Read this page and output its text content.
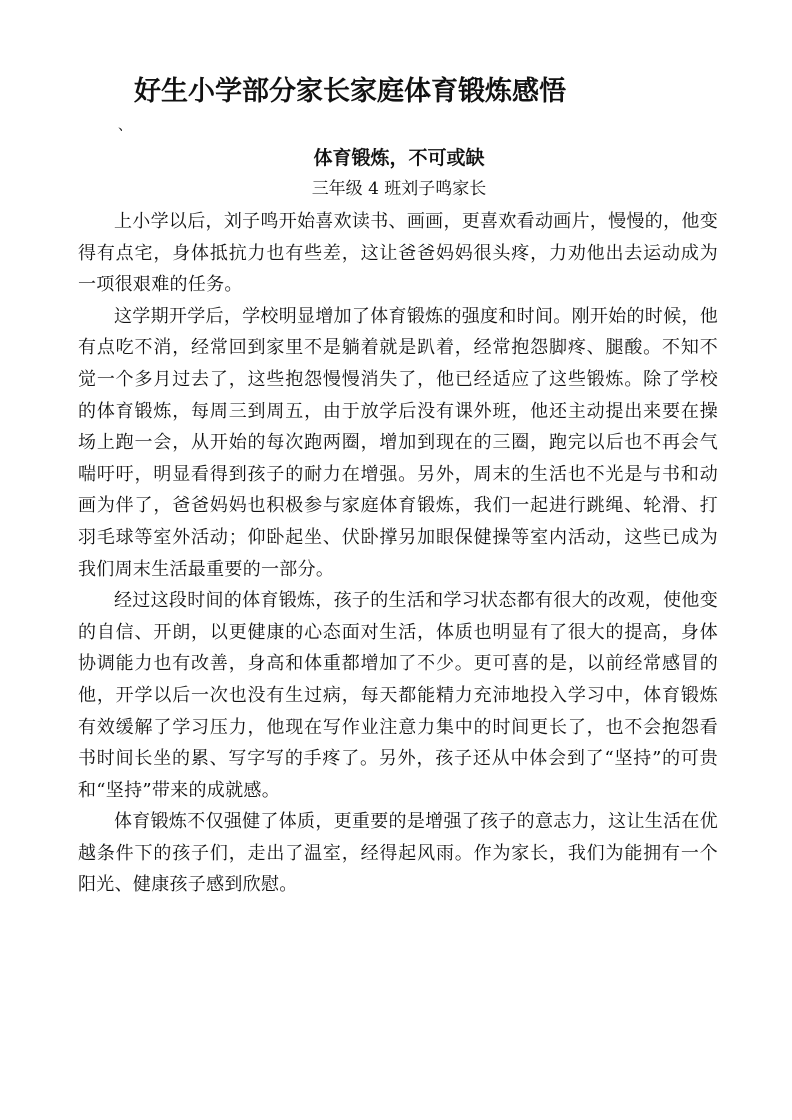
好生小学部分家长家庭体育锻炼感悟
、
体育锻炼，不可或缺
三年级 4 班刘子鸣家长

上小学以后，刘子鸣开始喜欢读书、画画，更喜欢看动画片，慢慢的，他变得有点宅，身体抵抗力也有些差，这让爸爸妈妈很头疼，力劝他出去运动成为一项很艰难的任务。

这学期开学后，学校明显增加了体育锻炼的强度和时间。刚开始的时候，他有点吃不消，经常回到家里不是躺着就是趴着，经常抱怨脚疼、腿酸。不知不觉一个多月过去了，这些抱怨慢慢消失了，他已经适应了这些锻炼。除了学校的体育锻炼，每周三到周五，由于放学后没有课外班，他还主动提出来要在操场上跑一会，从开始的每次跑两圈，增加到现在的三圈，跑完以后也不再会气喘吁吁，明显看得到孩子的耐力在增强。另外，周末的生活也不光是与书和动画为伴了，爸爸妈妈也积极参与家庭体育锻炼，我们一起进行跳绳、轮滑、打羽毛球等室外活动；仰卧起坐、伏卧撑另加眼保健操等室内活动，这些已成为我们周末生活最重要的一部分。

经过这段时间的体育锻炼，孩子的生活和学习状态都有很大的改观，使他变的自信、开朗，以更健康的心态面对生活，体质也明显有了很大的提高，身体协调能力也有改善，身高和体重都增加了不少。更可喜的是，以前经常感冒的他，开学以后一次也没有生过病，每天都能精力充沛地投入学习中，体育锻炼有效缓解了学习压力，他现在写作业注意力集中的时间更长了，也不会抱怨看书时间长坐的累、写字写的手疼了。另外，孩子还从中体会到了“坚持”的可贵和“坚持”带来的成就感。

体育锻炼不仅强健了体质，更重要的是增强了孩子的意志力，这让生活在优越条件下的孩子们，走出了温室，经得起风雨。作为家长，我们为能拥有一个阳光、健康孩子感到欣慰。
